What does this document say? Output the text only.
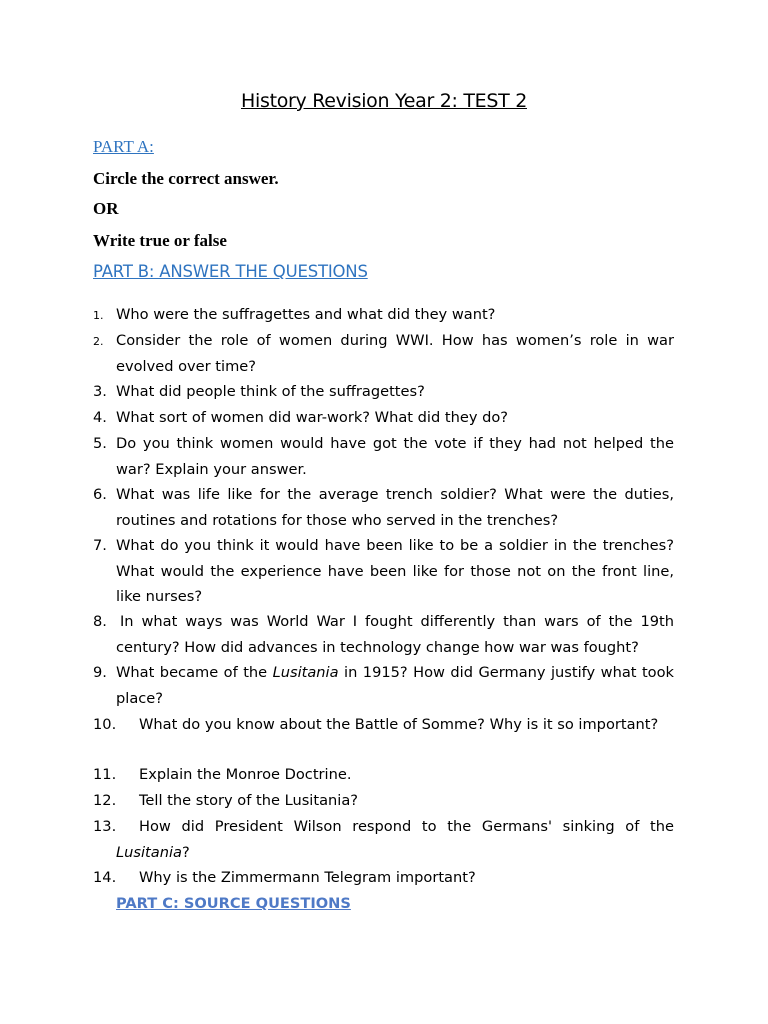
History Revision Year 2: TEST 2
PART A:
Circle the correct answer.
OR
Write true or false
PART B: ANSWER THE QUESTIONS
1. Who were the suffragettes and what did they want?
2. Consider the role of women during WWI. How has women’s role in war evolved over time?
3. What did people think of the suffragettes?
4. What sort of women did war-work? What did they do?
5. Do you think women would have got the vote if they had not helped the war? Explain your answer.
6. What was life like for the average trench soldier? What were the duties, routines and rotations for those who served in the trenches?
7. What do you think it would have been like to be a soldier in the trenches? What would the experience have been like for those not on the front line, like nurses?
8. In what ways was World War I fought differently than wars of the 19th century? How did advances in technology change how war was fought?
9. What became of the Lusitania in 1915? How did Germany justify what took place?
10.	What do you know about the Battle of Somme? Why is it so important?
11.	Explain the Monroe Doctrine.
12.	Tell the story of the Lusitania?
13.	How did President Wilson respond to the Germans' sinking of the Lusitania?
14.	Why is the Zimmermann Telegram important?
PART C: SOURCE QUESTIONS
